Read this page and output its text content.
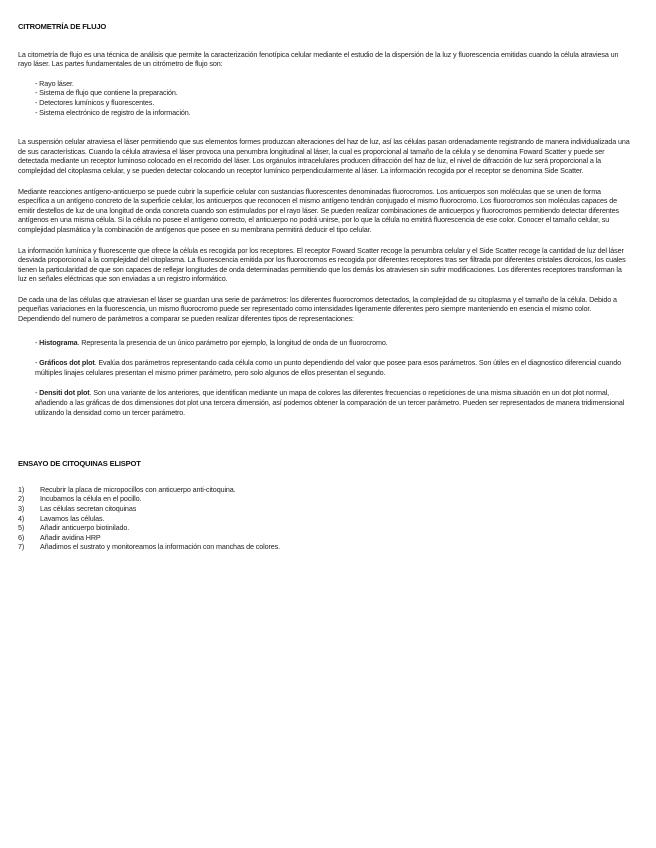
CITROMETRÍA DE FLUJO

La citometría de flujo es una técnica de análisis que permite la caracterización fenotípica celular mediante el estudio de la dispersión de la luz y fluorescencia emitidas cuando la célula atraviesa un rayo láser. Las partes fundamentales de un citrómetro de flujo son:

- Rayo láser.
- Sistema de flujo que contiene la preparación.
- Detectores lumínicos y fluorescentes.
- Sistema electrónico de registro de la información.

La suspensión celular atraviesa el láser permitiendo que sus elementos formes produzcan alteraciones del haz de luz, así las células pasan ordenadamente registrando de manera individualizada una de sus características. Cuando la célula atraviesa el láser provoca una penumbra longitudinal al láser, la cual es proporcional al tamaño de la célula y se denomina Foward Scatter y puede ser detectada mediante un receptor luminoso colocado en el recorrido del láser. Los orgánulos intracelulares producen difracción del haz de luz, el nivel de difracción de luz será proporcional a la complejidad del citoplasma celular, y se pueden detectar colocando un receptor lumínico perpendicularmente al láser. La información recogida por el receptor se denomina Side Scatter.

Mediante reacciones antígeno-anticuerpo se puede cubrir la superficie celular con sustancias fluorescentes denominadas fluorocromos. Los anticuerpos son moléculas que se unen de forma específica a un antígeno concreto de la superficie celular, los anticuerpos que reconocen el mismo antígeno tendrán conjugado el mismo fluorocromo. Los fluorocromos son moléculas capaces de emitir destellos de luz de una longitud de onda concreta cuando son estimulados por el rayo láser. Se pueden realizar combinaciones de anticuerpos y fluorocromos permitiendo detectar diferentes antígenos en una misma célula. Si la célula no posee el antígeno correcto, el anticuerpo no podrá unirse, por lo que la célula no emitirá fluorescencia de ese color. Conocer el tamaño celular, su complejidad plasmática y la combinación de antígenos que posee en su membrana permitirá deducir el tipo celular.

La información lumínica y fluorescente que ofrece la célula es recogida por los receptores. El receptor Foward Scatter recoge la penumbra celular y el Side Scatter recoge la cantidad de luz del láser desviada proporcional a la complejidad del citoplasma. La fluorescencia emitida por los fluorocromos es recogida por diferentes receptores tras ser filtrada por diferentes cristales dicroicos, los cuales tienen la particularidad de que son capaces de reflejar longitudes de onda determinadas permitiendo que los demás los atraviesen sin sufrir modificaciones. Los diferentes receptores transforman la luz en señales eléctricas que son enviadas a un registro informático.

De cada una de las células que atraviesan el láser se guardan una serie de parámetros: los diferentes fluorocromos detectados, la complejidad de su citoplasma y el tamaño de la célula. Debido a pequeñas variaciones en la fluorescencia, un mismo fluorocromo puede ser representado como intensidades ligeramente diferentes pero siempre manteniendo en esencia el mismo color. Dependiendo del numero de parámetros a comparar se pueden realizar diferentes tipos de representaciones:

- Histograma. Representa la presencia de un único parámetro por ejemplo, la longitud de onda de un fluorocromo.

- Gráficos dot plot. Evalúa dos parámetros representando cada célula como un punto dependiendo del valor que posee para esos parámetros. Son útiles en el diagnostico diferencial cuando múltiples linajes celulares presentan el mismo primer parámetro, pero solo algunos de ellos presentan el segundo.

- Densiti dot plot. Son una variante de los anteriores, que identifican mediante un mapa de colores las diferentes frecuencias o repeticiones de una misma situación en un dot plot normal, añadiendo a las gráficas de dos dimensiones dot plot una tercera dimensión, así podemos obtener la comparación de un tercer parámetro. Pueden ser representados de manera tridimensional utilizando la densidad como un tercer parámetro.

ENSAYO DE CITOQUINAS ELISPOT
1)	Recubrir la placa de micropocillos con anticuerpo anti-citoquina.
2)	Incubamos la célula en el pocillo.
3)	Las células secretan citoquinas
4)	Lavamos las células.
5)	Añadir anticuerpo biotinilado.
6)	Añadir avidina HRP
7)	Añadimos el sustrato y monitoreamos la información con manchas de colores.
